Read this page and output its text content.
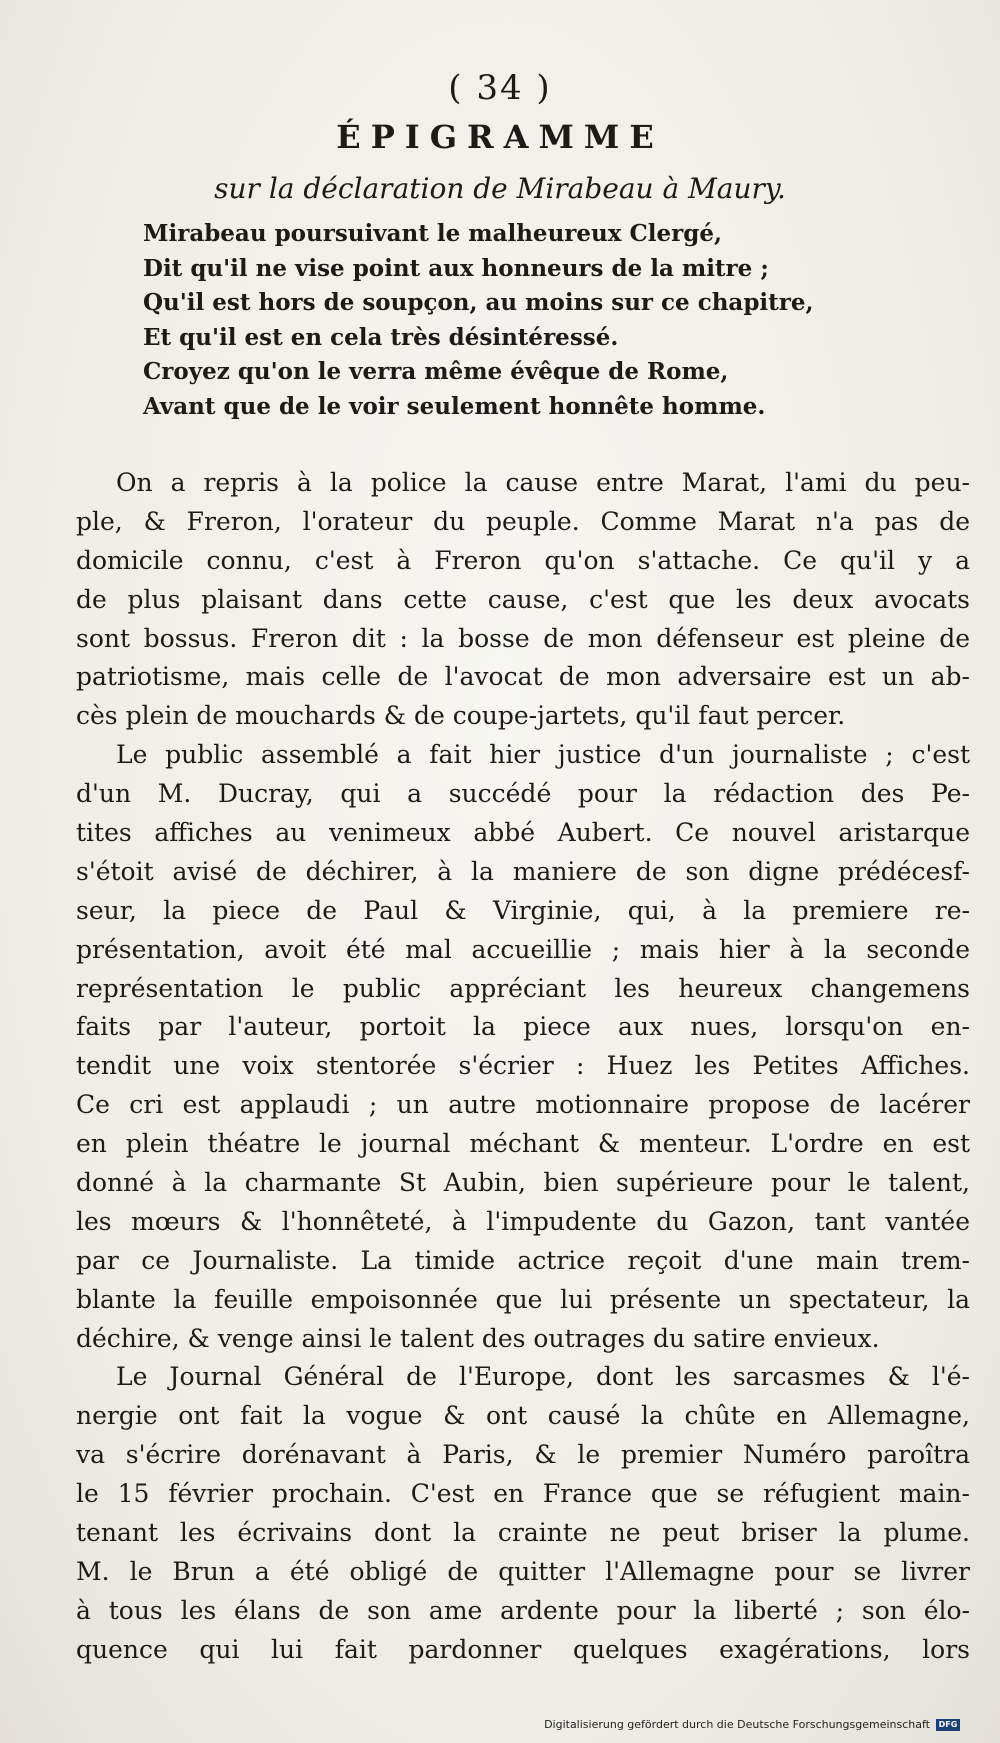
( 34 )
ÉPIGRAMME
sur la déclaration de Mirabeau à Maury.
Mirabeau poursuivant le malheureux Clergé,
Dit qu'il ne vise point aux honneurs de la mitre ;
Qu'il est hors de soupçon, au moins sur ce chapitre,
Et qu'il est en cela très désintéressé.
Croyez qu'on le verra même évêque de Rome,
Avant que de le voir seulement honnête homme.
On a repris à la police la cause entre Marat, l'ami du peu-
ple, & Freron, l'orateur du peuple. Comme Marat n'a pas de
domicile connu, c'est à Freron qu'on s'attache. Ce qu'il y a
de plus plaisant dans cette cause, c'est que les deux avocats
sont bossus. Freron dit : la bosse de mon défenseur est pleine de
patriotisme, mais celle de l'avocat de mon adversaire est un ab-
cès plein de mouchards & de coupe-jartets, qu'il faut percer.
Le public assemblé a fait hier justice d'un journaliste ; c'est
d'un M. Ducray, qui a succédé pour la rédaction des Pe-
tites affiches au venimeux abbé Aubert. Ce nouvel aristarque
s'étoit avisé de déchirer, à la maniere de son digne prédécesf-
seur, la piece de Paul & Virginie, qui, à la premiere re-
présentation, avoit été mal accueillie ; mais hier à la seconde
représentation le public appréciant les heureux changemens
faits par l'auteur, portoit la piece aux nues, lorsqu'on en-
tendit une voix stentorée s'écrier : Huez les Petites Affiches.
Ce cri est applaudi ; un autre motionnaire propose de lacérer
en plein théatre le journal méchant & menteur. L'ordre en est
donné à la charmante St Aubin, bien supérieure pour le talent,
les mœurs & l'honnêteté, à l'impudente du Gazon, tant vantée
par ce Journaliste. La timide actrice reçoit d'une main trem-
blante la feuille empoisonnée que lui présente un spectateur, la
déchire, & venge ainsi le talent des outrages du satire envieux.
Le Journal Général de l'Europe, dont les sarcasmes & l'é-
nergie ont fait la vogue & ont causé la chûte en Allemagne,
va s'écrire dorénavant à Paris, & le premier Numéro paroîtra
le 15 février prochain. C'est en France que se réfugient main-
tenant les écrivains dont la crainte ne peut briser la plume.
M. le Brun a été obligé de quitter l'Allemagne pour se livrer
à tous les élans de son ame ardente pour la liberté ; son élo-
quence qui lui fait pardonner quelques exagérations, lors
Digitalisierung gefördert durch die Deutsche Forschungsgemeinschaft	DFG
